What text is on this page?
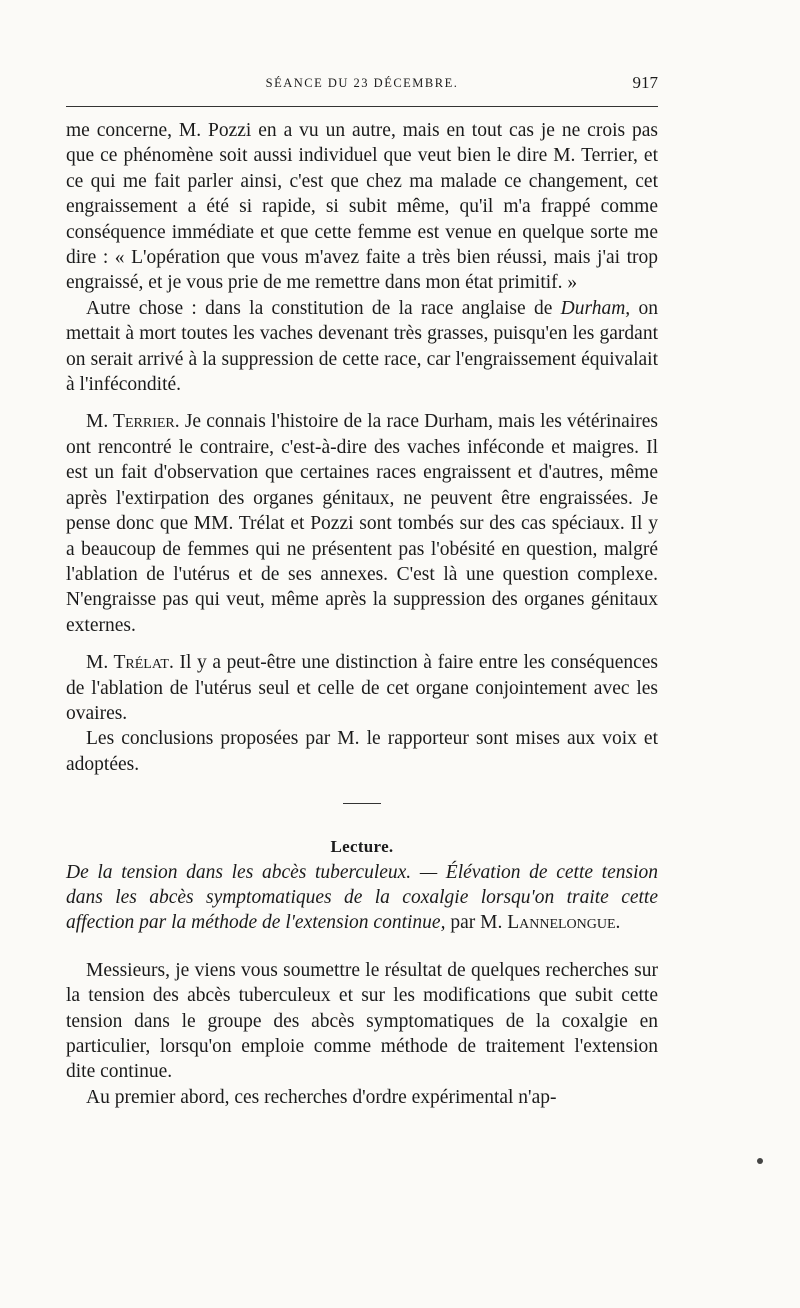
SÉANCE DU 23 DÉCEMBRE.	917

me concerne, M. Pozzi en a vu un autre, mais en tout cas je ne crois pas que ce phénomène soit aussi individuel que veut bien le dire M. Terrier, et ce qui me fait parler ainsi, c'est que chez ma malade ce changement, cet engraissement a été si rapide, si subit même, qu'il m'a frappé comme conséquence immédiate et que cette femme est venue en quelque sorte me dire : « L'opération que vous m'avez faite a très bien réussi, mais j'ai trop engraissé, et je vous prie de me remettre dans mon état primitif. »

Autre chose : dans la constitution de la race anglaise de Durham, on mettait à mort toutes les vaches devenant très grasses, puisqu'en les gardant on serait arrivé à la suppression de cette race, car l'engraissement équivalait à l'infécondité.

M. Terrier. Je connais l'histoire de la race Durham, mais les vétérinaires ont rencontré le contraire, c'est-à-dire des vaches inféconde et maigres. Il est un fait d'observation que certaines races engraissent et d'autres, même après l'extirpation des organes génitaux, ne peuvent être engraissées. Je pense donc que MM. Trélat et Pozzi sont tombés sur des cas spéciaux. Il y a beaucoup de femmes qui ne présentent pas l'obésité en question, malgré l'ablation de l'utérus et de ses annexes. C'est là une question complexe. N'engraisse pas qui veut, même après la suppression des organes génitaux externes.

M. Trélat. Il y a peut-être une distinction à faire entre les conséquences de l'ablation de l'utérus seul et celle de cet organe conjointement avec les ovaires.

Les conclusions proposées par M. le rapporteur sont mises aux voix et adoptées.

Lecture.

De la tension dans les abcès tuberculeux. — Élévation de cette tension dans les abcès symptomatiques de la coxalgie lorsqu'on traite cette affection par la méthode de l'extension continue, par M. Lannelongue.

Messieurs, je viens vous soumettre le résultat de quelques recherches sur la tension des abcès tuberculeux et sur les modifications que subit cette tension dans le groupe des abcès symptomatiques de la coxalgie en particulier, lorsqu'on emploie comme méthode de traitement l'extension dite continue.

Au premier abord, ces recherches d'ordre expérimental n'ap-
